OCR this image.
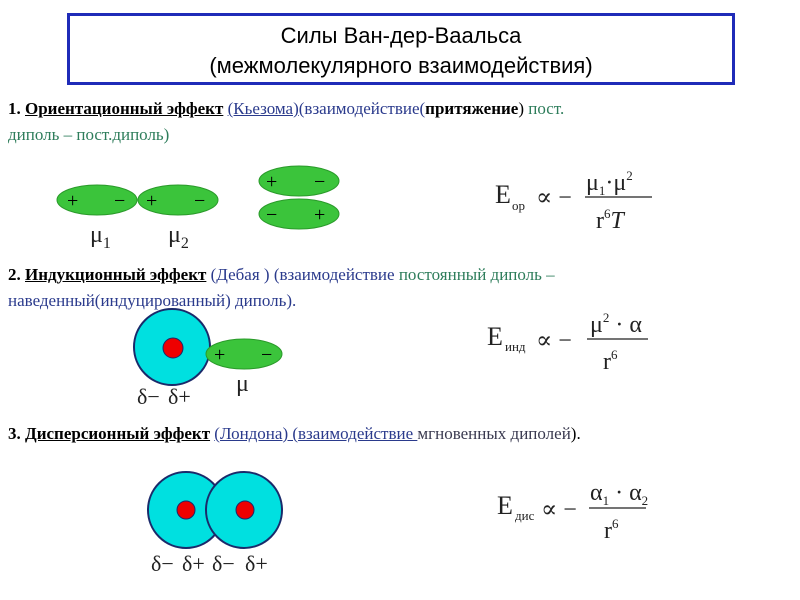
Силы Ван-дер-Ваальса
(межмолекулярного взаимодействия)
1. Ориентационный эффект (Кьезома)(взаимодействие(притяжение) пост.
диполь – пост.диполь)
+ − + −
$\mu_1$ $\mu_2$
+ −
− +
+ −
δ− δ+ μ
δ− δ+ δ− δ+
E ор ∝ −
$\mu_1\cdot\mu^2$
$r^6T$
E инд ∝ −
$\mu^2 \cdot \alpha$
$r^6$
E дис ∝ −
$\alpha_1 \cdot \alpha_2$
$r^6$
2. Индукционный эффект (Дебая ) (взаимодействие постоянный диполь –
наведенный(индуцированный) диполь).
3. Дисперсионный эффект (Лондона) (взаимодействие мгновенных диполей).
